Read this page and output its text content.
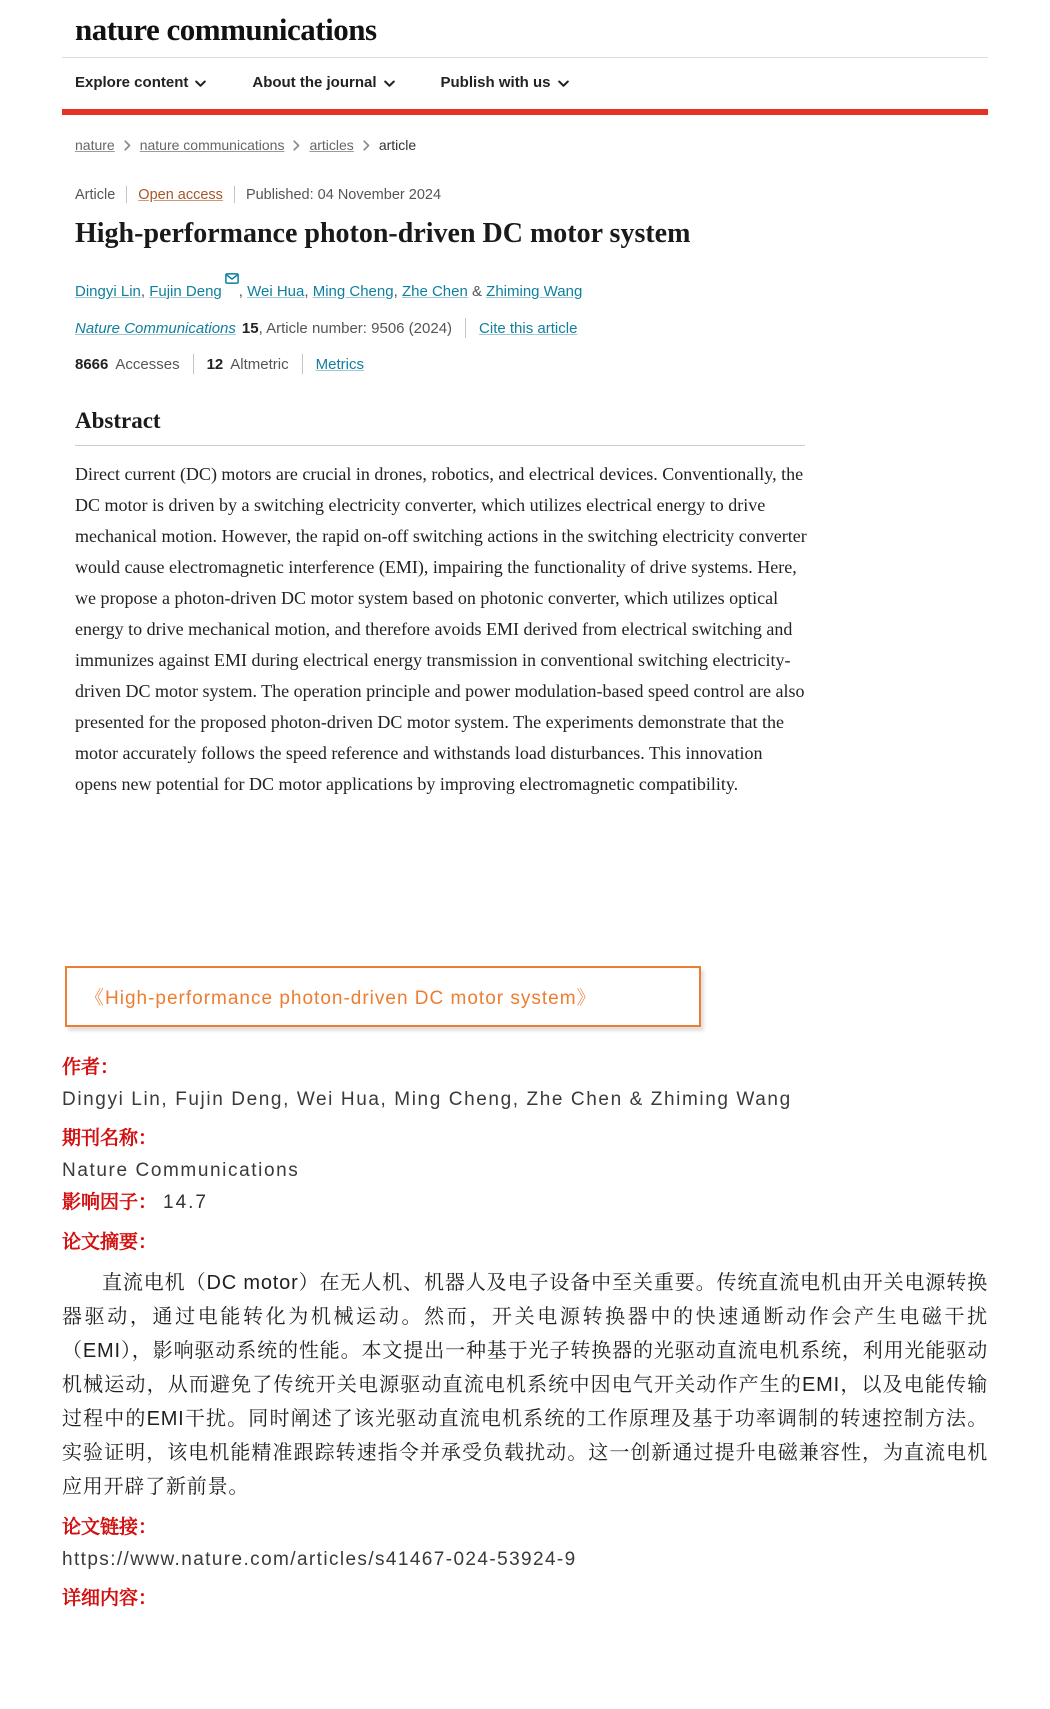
nature communications
Explore content	About the journal	Publish with us
nature nature communications articles article
Article Open access Published: 04 November 2024
High-performance photon-driven DC motor system
Dingyi Lin, Fujin Deng , Wei Hua, Ming Cheng, Zhe Chen & Zhiming Wang
Nature Communications 15 , Article number: 9506 (2024) Cite this article
8666 Accesses 12 Altmetric Metrics
Abstract

Direct current (DC) motors are crucial in drones, robotics, and electrical devices. Conventionally, the DC motor is driven by a switching electricity converter, which utilizes electrical energy to drive mechanical motion. However, the rapid on-off switching actions in the switching electricity converter would cause electromagnetic interference (EMI), impairing the functionality of drive systems. Here, we propose a photon-driven DC motor system based on photonic converter, which utilizes optical energy to drive mechanical motion, and therefore avoids EMI derived from electrical switching and immunizes against EMI during electrical energy transmission in conventional switching electricity-driven DC motor system. The operation principle and power modulation-based speed control are also presented for the proposed photon-driven DC motor system. The experiments demonstrate that the motor accurately follows the speed reference and withstands load disturbances. This innovation opens new potential for DC motor applications by improving electromagnetic compatibility.

《High-performance photon-driven DC motor system》
作者：
Dingyi Lin, Fujin Deng, Wei Hua, Ming Cheng, Zhe Chen & Zhiming Wang
期刊名称：
Nature Communications
影响因子： 14.7
论文摘要：

直流电机（DC motor）在无人机、机器人及电子设备中至关重要。传统直流电机由开关电源转换器驱动，通过电能转化为机械运动。然而，开关电源转换器中的快速通断动作会产生电磁干扰（EMI），影响驱动系统的性能。本文提出一种基于光子转换器的光驱动直流电机系统，利用光能驱动机械运动，从而避免了传统开关电源驱动直流电机系统中因电气开关动作产生的EMI，以及电能传输过程中的EMI干扰。同时阐述了该光驱动直流电机系统的工作原理及基于功率调制的转速控制方法。实验证明，该电机能精准跟踪转速指令并承受负载扰动。这一创新通过提升电磁兼容性，为直流电机应用开辟了新前景。

论文链接：
https://www.nature.com/articles/s41467-024-53924-9
详细内容：
